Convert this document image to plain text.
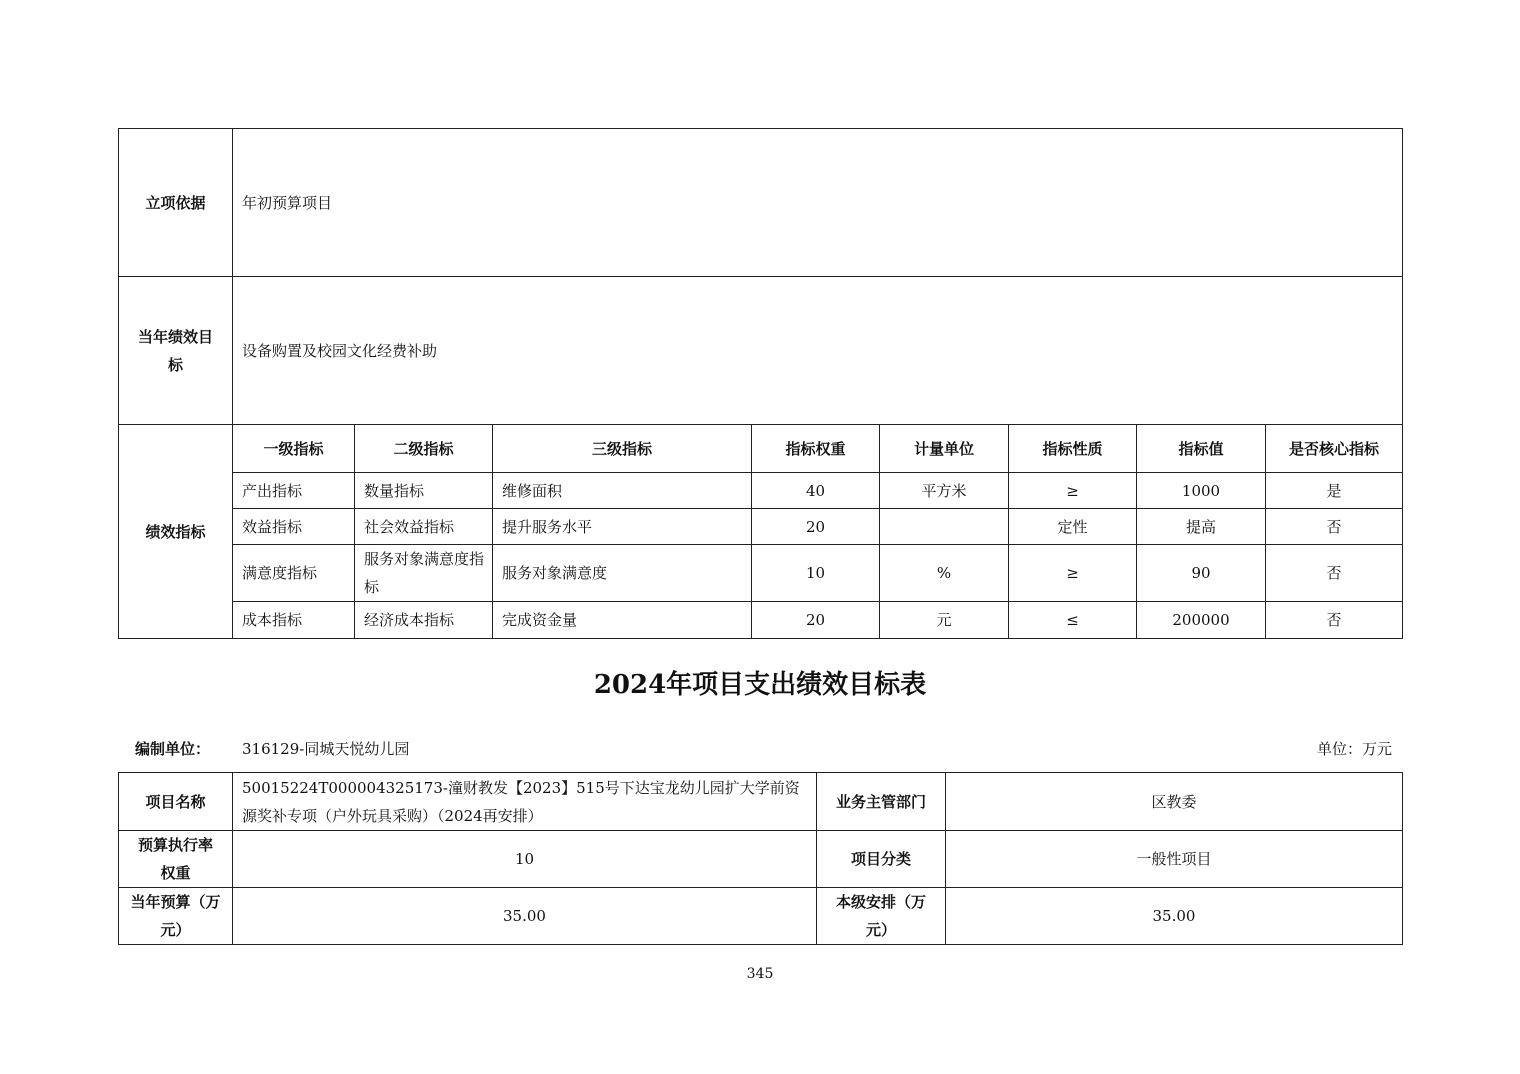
立项依据	年初预算项目							
当年绩效目标	设备购置及校园文化经费补助							
绩效指标	一级指标	二级指标	三级指标	指标权重	计量单位	指标性质	指标值	是否核心指标
	产出指标	数量指标	维修面积	40	平方米	≥	1000	是
	效益指标	社会效益指标	提升服务水平	20		定性	提高	否
	满意度指标	服务对象满意度指标	服务对象满意度	10	%	≥	90	否
	成本指标	经济成本指标	完成资金量	20	元	≤	200000	否
2024年项目支出绩效目标表
编制单位： 316129-同城天悦幼儿园	单位：万元
项目名称	50015224T000004325173-潼财教发【2023】515号下达宝龙幼儿园扩大学前资源奖补专项（户外玩具采购）（2024再安排）	业务主管部门	区教委
预算执行率权重	10	项目分类	一般性项目
当年预算（万元）	35.00	本级安排（万元）	35.00
345
